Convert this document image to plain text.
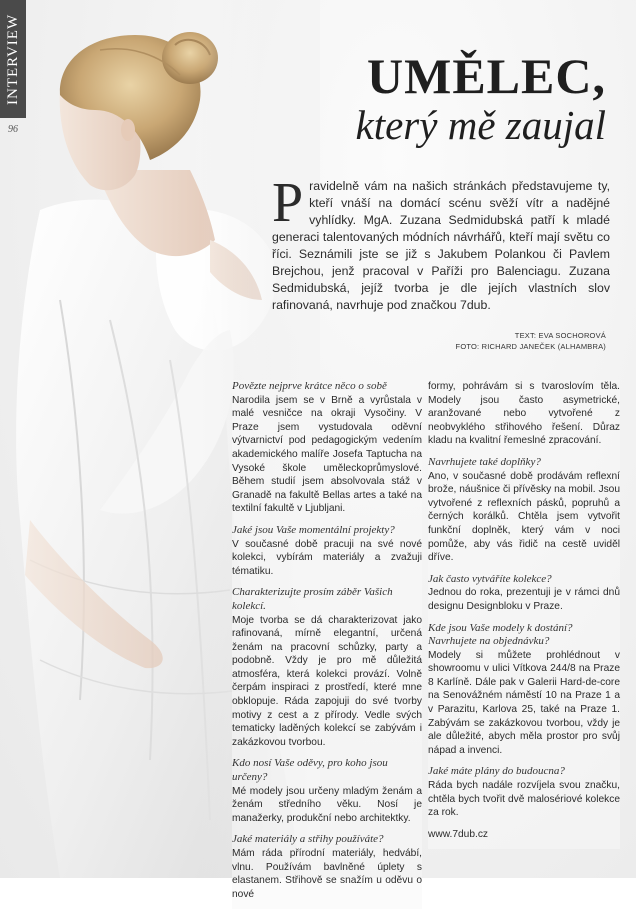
INTERVIEW
96
UMĚLEC,
který mě zaujal

Pravidelně vám na našich stránkách představujeme ty, kteří vnáší na domácí scénu svěží vítr a nadějné vyhlídky. MgA. Zuzana Sedmidubská patří k mladé generaci talentovaných módních návrhářů, kteří mají světu co říci. Seznámili jste se již s Jakubem Polankou či Pavlem Brejchou, jenž pracoval v Paříži pro Balenciagu. Zuzana Sedmidubská, jejíž tvorba je dle jejích vlastních slov rafinovaná, navrhuje pod značkou 7dub.

TEXT: EVA SOCHOROVÁ
FOTO: RICHARD JANEČEK (ALHAMBRA)

Povězte nejprve krátce něco o sobě

Narodila jsem se v Brně a vyrůstala v malé vesničce na okraji Vysočiny. V Praze jsem vystudovala oděvní výtvarnictví pod pedagogickým vedením akademického malíře Josefa Taptucha na Vysoké škole uměleckoprůmyslové. Během studií jsem absolvovala stáž v Granadě na fakultě Bellas artes a také na textilní fakultě v Ljubljani.

Jaké jsou Vaše momentální projekty?

V současné době pracuji na své nové kolekci, vybírám materiály a zvažuji tématiku.

Charakterizujte prosím záběr Vašich kolekcí.

Moje tvorba se dá charakterizovat jako rafinovaná, mírně elegantní, určená ženám na pracovní schůzky, party a podobně. Vždy je pro mě důležitá atmosféra, která kolekci provází. Volně čerpám inspiraci z prostředí, které mne obklopuje. Ráda zapojuji do své tvorby motivy z cest a z přírody. Vedle svých tematicky laděných kolekcí se zabývám i zakázkovou tvorbou.

Kdo nosí Vaše oděvy, pro koho jsou určeny?

Mé modely jsou určeny mladým ženám a ženám středního věku. Nosí je manažerky, produkční nebo architektky.

Jaké materiály a střihy používáte?

Mám ráda přírodní materiály, hedvábí, vlnu. Používám bavlněné úplety s elastanem. Střihově se snažím u oděvu o nové

formy, pohrávám si s tvaroslovím těla. Modely jsou často asymetrické, aranžované nebo vytvořené z neobvyklého střihového řešení. Důraz kladu na kvalitní řemeslné zpracování.

Navrhujete také doplňky?

Ano, v současné době prodávám reflexní brože, náušnice či přívěsky na mobil. Jsou vytvořené z reflexních pásků, popruhů a černých korálků. Chtěla jsem vytvořit funkční doplněk, který vám v noci pomůže, aby vás řidič na cestě uviděl dříve.

Jak často vytváříte kolekce?

Jednou do roka, prezentuji je v rámci dnů designu Designbloku v Praze.

Kde jsou Vaše modely k dostání? Navrhujete na objednávku?

Modely si můžete prohlédnout v showroomu v ulici Vítkova 244/8 na Praze 8 Karlíně. Dále pak v Galerii Hard-de-core na Senovážném náměstí 10 na Praze 1 a v Parazitu, Karlova 25, také na Praze 1. Zabývám se zakázkovou tvorbou, vždy je ale důležité, abych měla prostor pro svůj nápad a invenci.

Jaké máte plány do budoucna?

Ráda bych nadále rozvíjela svou značku, chtěla bych tvořit dvě malosériové kolekce za rok.

www.7dub.cz
